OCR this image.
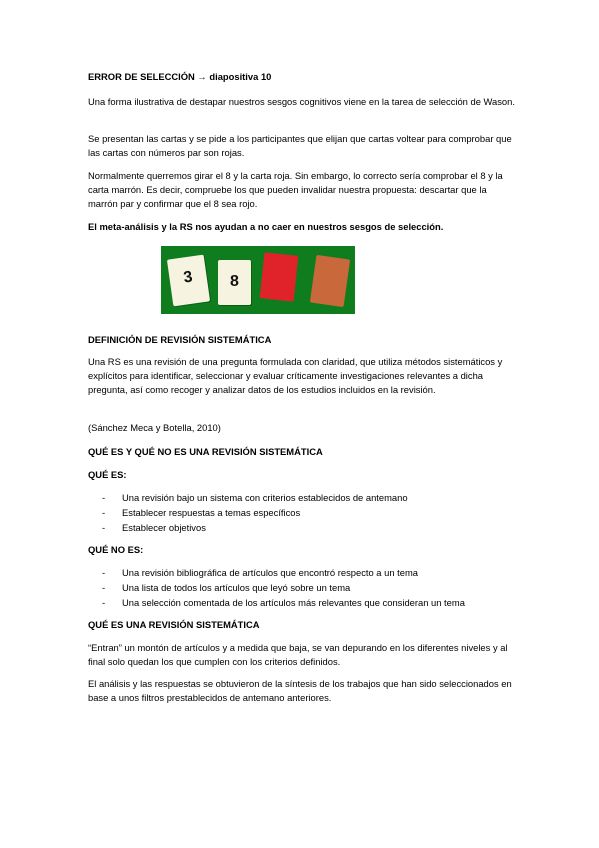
ERROR DE SELECCIÓN → diapositiva 10

Una forma ilustrativa de destapar nuestros sesgos cognitivos viene en la tarea de selección de Wason.

Se presentan las cartas y se pide a los participantes que elijan que cartas voltear para comprobar que las cartas con números par son rojas.

Normalmente querremos girar el 8 y la carta roja. Sin embargo, lo correcto sería comprobar el 8 y la carta marrón. Es decir, compruebe los que pueden invalidar nuestra propuesta: descartar que la marrón par y confirmar que el 8 sea rojo.

El meta-análisis y la RS nos ayudan a no caer en nuestros sesgos de selección.

3	8

DEFINICIÓN DE REVISIÓN SISTEMÁTICA

Una RS es una revisión de una pregunta formulada con claridad, que utiliza métodos sistemáticos y explícitos para identificar, seleccionar y evaluar críticamente investigaciones relevantes a dicha pregunta, así como recoger y analizar datos de los estudios incluidos en la revisión.

(Sánchez Meca y Botella, 2010)

QUÉ ES Y QUÉ NO ES UNA REVISIÓN SISTEMÁTICA

QUÉ ES:

- Una revisión bajo un sistema con criterios establecidos de antemano
- Establecer respuestas a temas específicos
- Establecer objetivos

QUÉ NO ES:

- Una revisión bibliográfica de artículos que encontró respecto a un tema
- Una lista de todos los artículos que leyó sobre un tema
- Una selección comentada de los artículos más relevantes que consideran un tema

QUÉ ES UNA REVISIÓN SISTEMÁTICA

“Entran” un montón de artículos y a medida que baja, se van depurando en los diferentes niveles y al final solo quedan los que cumplen con los criterios definidos.

El análisis y las respuestas se obtuvieron de la síntesis de los trabajos que han sido seleccionados en base a unos filtros prestablecidos de antemano anteriores.
